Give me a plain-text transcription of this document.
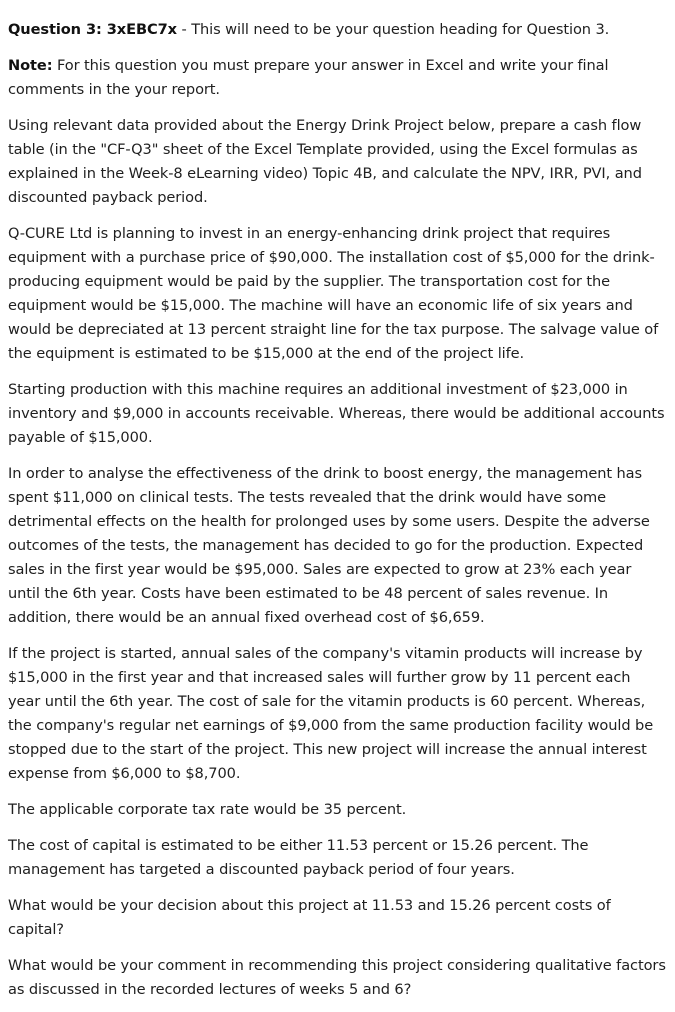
Question 3: 3xEBC7x - This will need to be your question heading for Question 3.

Note: For this question you must prepare your answer in Excel and write your final comments in the your report.

Using relevant data provided about the Energy Drink Project below, prepare a cash flow table (in the "CF-Q3" sheet of the Excel Template provided, using the Excel formulas as explained in the Week-8 eLearning video) Topic 4B, and calculate the NPV, IRR, PVI, and discounted payback period.

Q-CURE Ltd is planning to invest in an energy-enhancing drink project that requires equipment with a purchase price of $90,000. The installation cost of $5,000 for the drink-producing equipment would be paid by the supplier. The transportation cost for the equipment would be $15,000. The machine will have an economic life of six years and would be depreciated at 13 percent straight line for the tax purpose. The salvage value of the equipment is estimated to be $15,000 at the end of the project life.

Starting production with this machine requires an additional investment of $23,000 in inventory and $9,000 in accounts receivable. Whereas, there would be additional accounts payable of $15,000.

In order to analyse the effectiveness of the drink to boost energy, the management has spent $11,000 on clinical tests. The tests revealed that the drink would have some detrimental effects on the health for prolonged uses by some users. Despite the adverse outcomes of the tests, the management has decided to go for the production. Expected sales in the first year would be $95,000. Sales are expected to grow at 23% each year until the 6th year. Costs have been estimated to be 48 percent of sales revenue. In addition, there would be an annual fixed overhead cost of $6,659.

If the project is started, annual sales of the company's vitamin products will increase by $15,000 in the first year and that increased sales will further grow by 11 percent each year until the 6th year. The cost of sale for the vitamin products is 60 percent. Whereas, the company's regular net earnings of $9,000 from the same production facility would be stopped due to the start of the project. This new project will increase the annual interest expense from $6,000 to $8,700.

The applicable corporate tax rate would be 35 percent.

The cost of capital is estimated to be either 11.53 percent or 15.26 percent. The management has targeted a discounted payback period of four years.

What would be your decision about this project at 11.53 and 15.26 percent costs of capital?

What would be your comment in recommending this project considering qualitative factors as discussed in the recorded lectures of weeks 5 and 6?
